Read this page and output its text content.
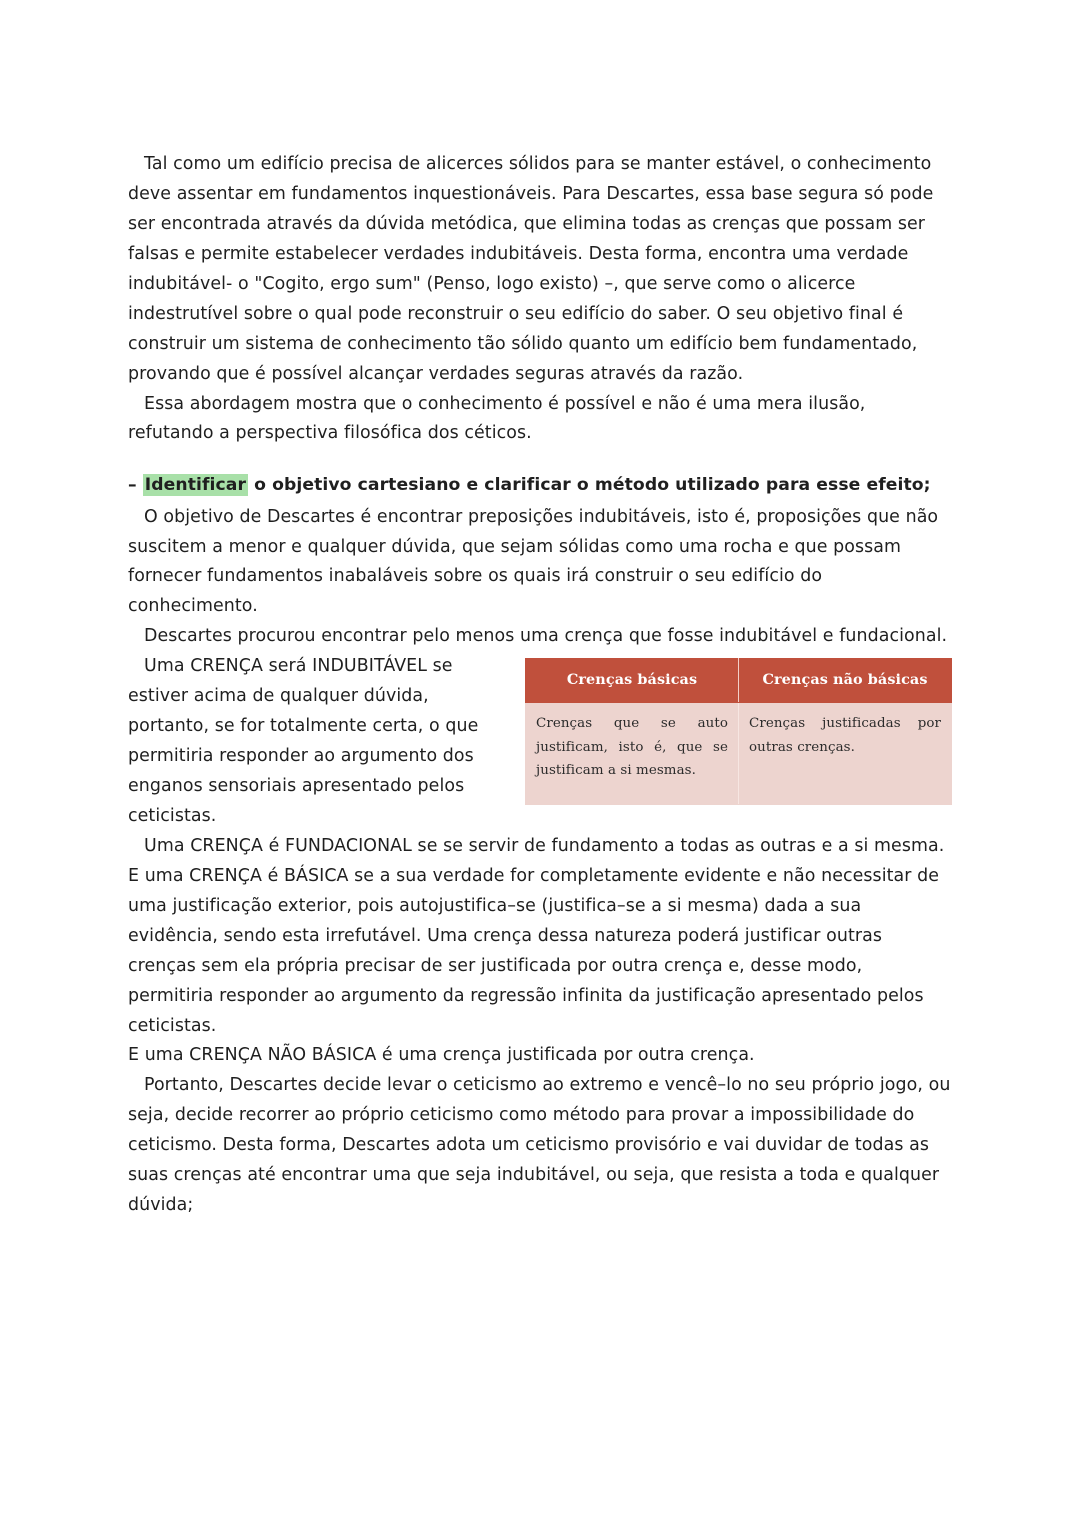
Tal como um edifício precisa de alicerces sólidos para se manter estável, o conhecimento deve assentar em fundamentos inquestionáveis. Para Descartes, essa base segura só pode ser encontrada através da dúvida metódica, que elimina todas as crenças que possam ser falsas e permite estabelecer verdades indubitáveis. Desta forma, encontra uma verdade indubitável- o "Cogito, ergo sum" (Penso, logo existo) –, que serve como o alicerce indestrutível sobre o qual pode reconstruir o seu edifício do saber. O seu objetivo final é construir um sistema de conhecimento tão sólido quanto um edifício bem fundamentado, provando que é possível alcançar verdades seguras através da razão.

Essa abordagem mostra que o conhecimento é possível e não é uma mera ilusão, refutando a perspectiva filosófica dos céticos.

– Identificar o objetivo cartesiano e clarificar o método utilizado para esse efeito;

O objetivo de Descartes é encontrar preposições indubitáveis, isto é, proposições que não suscitem a menor e qualquer dúvida, que sejam sólidas como uma rocha e que possam fornecer fundamentos inabaláveis sobre os quais irá construir o seu edifício do conhecimento.

Descartes procurou encontrar pelo menos uma crença que fosse indubitável e fundacional.

Crenças básicas	Crenças não básicas
Crenças que se auto justificam, isto é, que se justificam a si mesmas.	Crenças justificadas por outras crenças.

Uma CRENÇA será INDUBITÁVEL se estiver acima de qualquer dúvida, portanto, se for totalmente certa, o que permitiria responder ao argumento dos enganos sensoriais apresentado pelos ceticistas.

Uma CRENÇA é FUNDACIONAL se se servir de fundamento a todas as outras e a si mesma.

E uma CRENÇA é BÁSICA se a sua verdade for completamente evidente e não necessitar de uma justificação exterior, pois autojustifica–se (justifica–se a si mesma) dada a sua evidência, sendo esta irrefutável. Uma crença dessa natureza poderá justificar outras crenças sem ela própria precisar de ser justificada por outra crença e, desse modo, permitiria responder ao argumento da regressão infinita da justificação apresentado pelos ceticistas.

E uma CRENÇA NÃO BÁSICA é uma crença justificada por outra crença.

Portanto, Descartes decide levar o ceticismo ao extremo e vencê–lo no seu próprio jogo, ou seja, decide recorrer ao próprio ceticismo como método para provar a impossibilidade do ceticismo. Desta forma, Descartes adota um ceticismo provisório e vai duvidar de todas as suas crenças até encontrar uma que seja indubitável, ou seja, que resista a toda e qualquer dúvida;
